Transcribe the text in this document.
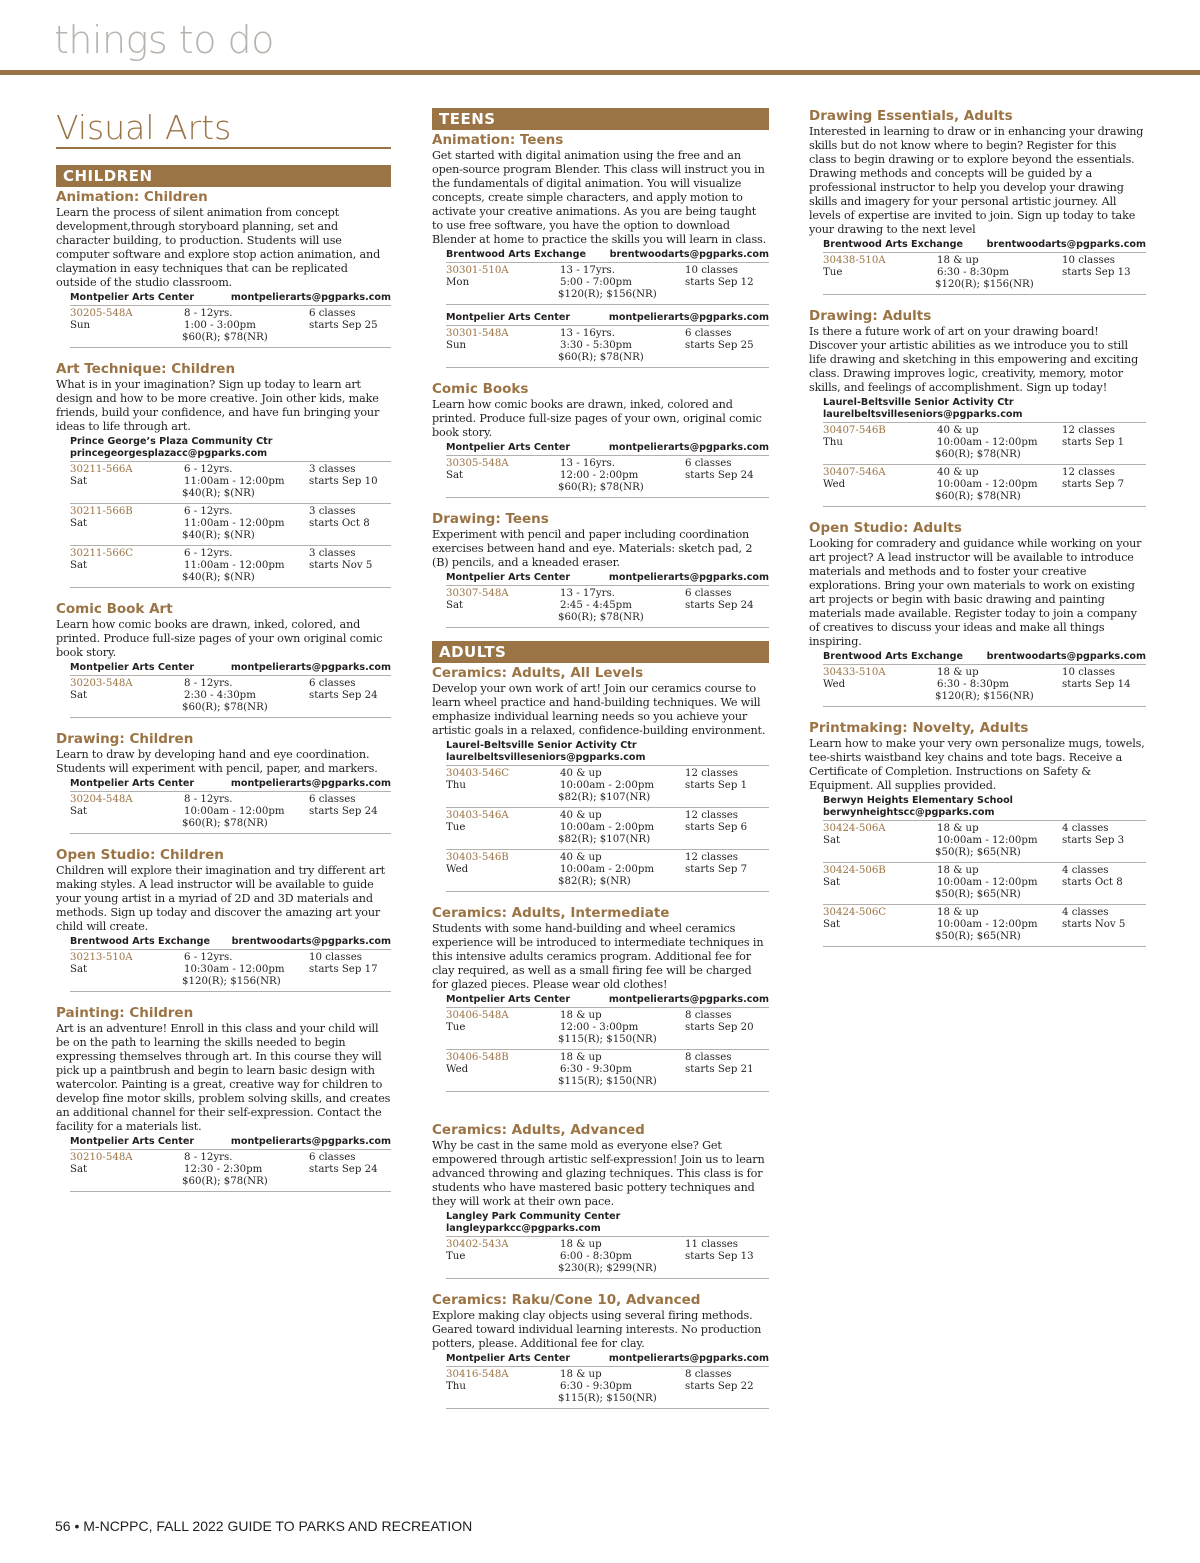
things to do
Visual Arts
CHILDREN
Animation: Children
Learn the process of silent animation from concept development,through storyboard planning, set and character building, to production. Students will use computer software and explore stop action animation, and claymation in easy techniques that can be replicated outside of the studio classroom.
Montpelier Arts Center	montpelierarts@pgparks.com
30205-548A
Sun
8 - 12yrs.
1:00 - 3:00pm
$60(R); $78(NR)
6 classes
starts Sep 25
Art Technique: Children
What is in your imagination? Sign up today to learn art design and how to be more creative. Join other kids, make friends, build your confidence, and have fun bringing your ideas to life through art.
Prince George’s Plaza Community Ctr
princegeorgesplazacc@pgparks.com
30211-566A
Sat
6 - 12yrs.
11:00am - 12:00pm
$40(R); $(NR)
3 classes
starts Sep 10
30211-566B
Sat
6 - 12yrs.
11:00am - 12:00pm
$40(R); $(NR)
3 classes
starts Oct 8
30211-566C
Sat
6 - 12yrs.
11:00am - 12:00pm
$40(R); $(NR)
3 classes
starts Nov 5
Comic Book Art
Learn how comic books are drawn, inked, colored, and printed. Produce full-size pages of your own original comic book story.
Montpelier Arts Center	montpelierarts@pgparks.com
30203-548A
Sat
8 - 12yrs.
2:30 - 4:30pm
$60(R); $78(NR)
6 classes
starts Sep 24
Drawing: Children
Learn to draw by developing hand and eye coordination. Students will experiment with pencil, paper, and markers.
Montpelier Arts Center	montpelierarts@pgparks.com
30204-548A
Sat
8 - 12yrs.
10:00am - 12:00pm
$60(R); $78(NR)
6 classes
starts Sep 24
Open Studio: Children
Children will explore their imagination and try different art making styles. A lead instructor will be available to guide your young artist in a myriad of 2D and 3D materials and methods. Sign up today and discover the amazing art your child will create.
Brentwood Arts Exchange brentwoodarts@pgparks.com
30213-510A
Sat
6 - 12yrs.
10:30am - 12:00pm
$120(R); $156(NR)
10 classes
starts Sep 17
Painting: Children
Art is an adventure! Enroll in this class and your child will be on the path to learning the skills needed to begin expressing themselves through art. In this course they will pick up a paintbrush and begin to learn basic design with watercolor. Painting is a great, creative way for children to develop fine motor skills, problem solving skills, and creates an additional channel for their self-expression. Contact the facility for a materials list.
Montpelier Arts Center	montpelierarts@pgparks.com
30210-548A
Sat
8 - 12yrs.
12:30 - 2:30pm
$60(R); $78(NR)
6 classes
starts Sep 24
TEENS
Animation: Teens
Get started with digital animation using the free and an open-source program Blender. This class will instruct you in the fundamentals of digital animation. You will visualize concepts, create simple characters, and apply motion to activate your creative animations. As you are being taught to use free software, you have the option to download Blender at home to practice the skills you will learn in class.
Brentwood Arts Exchange brentwoodarts@pgparks.com
30301-510A
Mon
13 - 17yrs.
5:00 - 7:00pm
$120(R); $156(NR)
10 classes
starts Sep 12
Montpelier Arts Center	montpelierarts@pgparks.com
30301-548A
Sun
13 - 16yrs.
3:30 - 5:30pm
$60(R); $78(NR)
6 classes
starts Sep 25
Comic Books
Learn how comic books are drawn, inked, colored and printed. Produce full-size pages of your own, original comic book story.
Montpelier Arts Center	montpelierarts@pgparks.com
30305-548A
Sat
13 - 16yrs.
12:00 - 2:00pm
$60(R); $78(NR)
6 classes
starts Sep 24
Drawing: Teens
Experiment with pencil and paper including coordination exercises between hand and eye. Materials: sketch pad, 2 (B) pencils, and a kneaded eraser.
Montpelier Arts Center	montpelierarts@pgparks.com
30307-548A
Sat
13 - 17yrs.
2:45 - 4:45pm
$60(R); $78(NR)
6 classes
starts Sep 24
ADULTS
Ceramics: Adults, All Levels
Develop your own work of art! Join our ceramics course to learn wheel practice and hand-building techniques. We will emphasize individual learning needs so you achieve your artistic goals in a relaxed, confidence-building environment.
Laurel-Beltsville Senior Activity Ctr
laurelbeltsvilleseniors@pgparks.com
30403-546C
Thu
40 & up
10:00am - 2:00pm
$82(R); $107(NR)
12 classes
starts Sep 1
30403-546A
Tue
40 & up
10:00am - 2:00pm
$82(R); $107(NR)
12 classes
starts Sep 6
30403-546B
Wed
40 & up
10:00am - 2:00pm
$82(R); $(NR)
12 classes
starts Sep 7
Ceramics: Adults, Intermediate
Students with some hand-building and wheel ceramics experience will be introduced to intermediate techniques in this intensive adults ceramics program. Additional fee for clay required, as well as a small firing fee will be charged for glazed pieces. Please wear old clothes!
Montpelier Arts Center	montpelierarts@pgparks.com
30406-548A
Tue
18 & up
12:00 - 3:00pm
$115(R); $150(NR)
8 classes
starts Sep 20
30406-548B
Wed
18 & up
6:30 - 9:30pm
$115(R); $150(NR)
8 classes
starts Sep 21
Ceramics: Adults, Advanced
Why be cast in the same mold as everyone else? Get empowered through artistic self-expression! Join us to learn advanced throwing and glazing techniques. This class is for students who have mastered basic pottery techniques and they will work at their own pace.
Langley Park Community Center
langleyparkcc@pgparks.com
30402-543A
Tue
18 & up
6:00 - 8:30pm
$230(R); $299(NR)
11 classes
starts Sep 13
Ceramics: Raku/Cone 10, Advanced
Explore making clay objects using several firing methods. Geared toward individual learning interests. No production potters, please. Additional fee for clay.
Montpelier Arts Center	montpelierarts@pgparks.com
30416-548A
Thu
18 & up
6:30 - 9:30pm
$115(R); $150(NR)
8 classes
starts Sep 22
Drawing Essentials, Adults
Interested in learning to draw or in enhancing your drawing skills but do not know where to begin? Register for this class to begin drawing or to explore beyond the essentials. Drawing methods and concepts will be guided by a professional instructor to help you develop your drawing skills and imagery for your personal artistic journey. All levels of expertise are invited to join. Sign up today to take your drawing to the next level
Brentwood Arts Exchange brentwoodarts@pgparks.com
30438-510A
Tue
18 & up
6:30 - 8:30pm
$120(R); $156(NR)
10 classes
starts Sep 13
Drawing: Adults
Is there a future work of art on your drawing board! Discover your artistic abilities as we introduce you to still life drawing and sketching in this empowering and exciting class. Drawing improves logic, creativity, memory, motor skills, and feelings of accomplishment. Sign up today!
Laurel-Beltsville Senior Activity Ctr
laurelbeltsvilleseniors@pgparks.com
30407-546B
Thu
40 & up
10:00am - 12:00pm
$60(R); $78(NR)
12 classes
starts Sep 1
30407-546A
Wed
40 & up
10:00am - 12:00pm
$60(R); $78(NR)
12 classes
starts Sep 7
Open Studio: Adults
Looking for comradery and guidance while working on your art project? A lead instructor will be available to introduce materials and methods and to foster your creative explorations. Bring your own materials to work on existing art projects or begin with basic drawing and painting materials made available. Register today to join a company of creatives to discuss your ideas and make all things inspiring.
Brentwood Arts Exchange brentwoodarts@pgparks.com
30433-510A
Wed
18 & up
6:30 - 8:30pm
$120(R); $156(NR)
10 classes
starts Sep 14
Printmaking: Novelty, Adults
Learn how to make your very own personalize mugs, towels, tee-shirts waistband key chains and tote bags. Receive a Certificate of Completion. Instructions on Safety & Equipment. All supplies provided.
Berwyn Heights Elementary School
berwynheightscc@pgparks.com
30424-506A
Sat
18 & up
10:00am - 12:00pm
$50(R); $65(NR)
4 classes
starts Sep 3
30424-506B
Sat
18 & up
10:00am - 12:00pm
$50(R); $65(NR)
4 classes
starts Oct 8
30424-506C
Sat
18 & up
10:00am - 12:00pm
$50(R); $65(NR)
4 classes
starts Nov 5
56 • M-NCPPC, FALL 2022 GUIDE TO PARKS AND RECREATION
